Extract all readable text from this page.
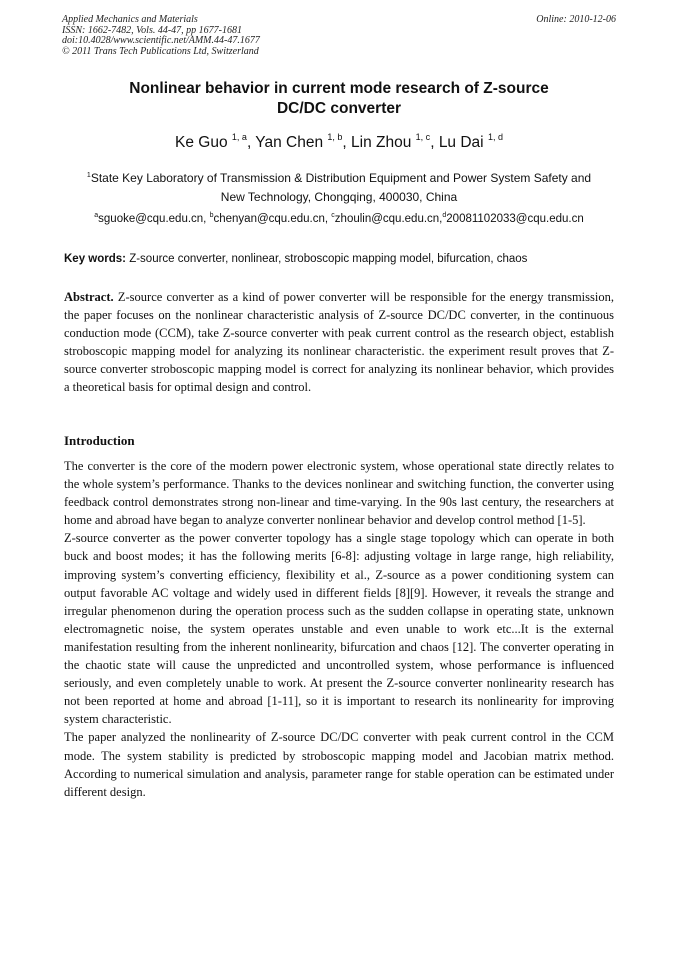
Applied Mechanics and Materials
ISSN: 1662-7482, Vols. 44-47, pp 1677-1681
doi:10.4028/www.scientific.net/AMM.44-47.1677
© 2011 Trans Tech Publications Ltd, Switzerland
Online: 2010-12-06
Nonlinear behavior in current mode research of Z-source
DC/DC converter
Ke Guo $^{1, a}$, Yan Chen $^{1, b}$, Lin Zhou $^{1, c}$, Lu Dai $^{1, d}$
$^1$State Key Laboratory of Transmission & Distribution Equipment and Power System Safety and
New Technology, Chongqing, 400030, China
$^a$sguoke@cqu.edu.cn, $^b$chenyan@cqu.edu.cn, $^c$zhoulin@cqu.edu.cn,$^d$20081102033@cqu.edu.cn
Key words: Z-source converter, nonlinear, stroboscopic mapping model, bifurcation, chaos
Abstract. Z-source converter as a kind of power converter will be responsible for the energy transmission, the paper focuses on the nonlinear characteristic analysis of Z-source DC/DC converter, in the continuous conduction mode (CCM), take Z-source converter with peak current control as the research object, establish stroboscopic mapping model for analyzing its nonlinear characteristic. the experiment result proves that Z-source converter stroboscopic mapping model is correct for analyzing its nonlinear behavior, which provides a theoretical basis for optimal design and control.
Introduction

The converter is the core of the modern power electronic system, whose operational state directly relates to the whole system’s performance. Thanks to the devices nonlinear and switching function, the converter using feedback control demonstrates strong non-linear and time-varying. In the 90s last century, the researchers at home and abroad have began to analyze converter nonlinear behavior and develop control method [1-5].

Z-source converter as the power converter topology has a single stage topology which can operate in both buck and boost modes; it has the following merits [6-8]: adjusting voltage in large range, high reliability, improving system’s converting efficiency, flexibility et al., Z-source as a power conditioning system can output favorable AC voltage and widely used in different fields [8][9]. However, it reveals the strange and irregular phenomenon during the operation process such as the sudden collapse in operating state, unknown electromagnetic noise, the system operates unstable and even unable to work etc...It is the external manifestation resulting from the inherent nonlinearity, bifurcation and chaos [12]. The converter operating in the chaotic state will cause the unpredicted and uncontrolled system, whose performance is influenced seriously, and even completely unable to work. At present the Z-source converter nonlinearity research has not been reported at home and abroad [1-11], so it is important to research its nonlinearity for improving system characteristic.

The paper analyzed the nonlinearity of Z-source DC/DC converter with peak current control in the CCM mode. The system stability is predicted by stroboscopic mapping model and Jacobian matrix method. According to numerical simulation and analysis, parameter range for stable operation can be estimated under different design.
